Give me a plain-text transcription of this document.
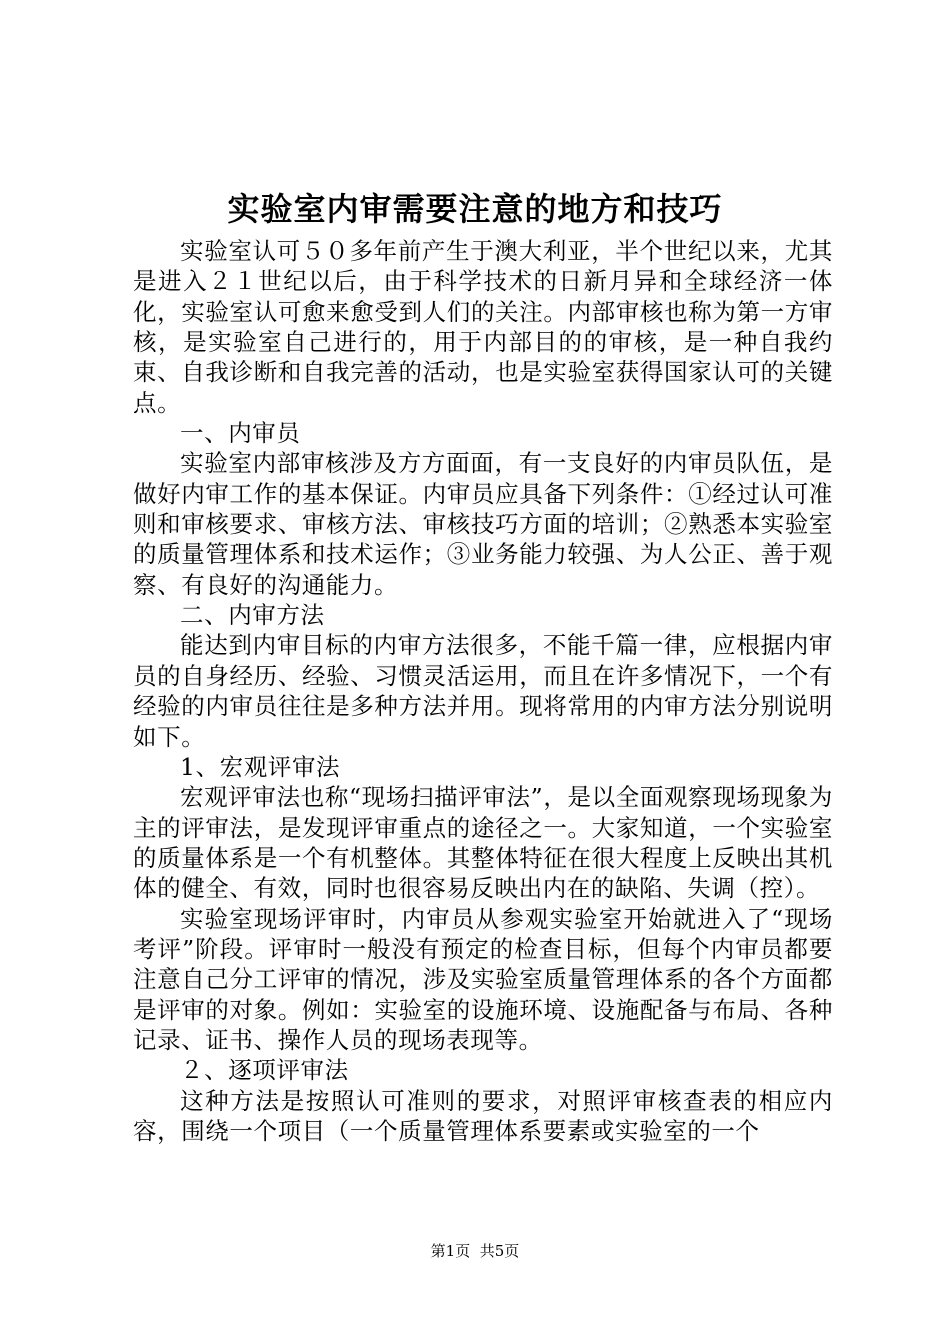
实验室内审需要注意的地方和技巧

实验室认可５０多年前产生于澳大利亚，半个世纪以来，尤其是进入２１世纪以后，由于科学技术的日新月异和全球经济一体化，实验室认可愈来愈受到人们的关注。内部审核也称为第一方审核，是实验室自己进行的，用于内部目的的审核，是一种自我约束、自我诊断和自我完善的活动，也是实验室获得国家认可的关键点。

一、内审员

实验室内部审核涉及方方面面，有一支良好的内审员队伍，是做好内审工作的基本保证。内审员应具备下列条件：①经过认可准则和审核要求、审核方法、审核技巧方面的培训；②熟悉本实验室的质量管理体系和技术运作；③业务能力较强、为人公正、善于观察、有良好的沟通能力。

二、内审方法

能达到内审目标的内审方法很多，不能千篇一律，应根据内审员的自身经历、经验、习惯灵活运用，而且在许多情况下，一个有经验的内审员往往是多种方法并用。现将常用的内审方法分别说明如下。

1、宏观评审法

宏观评审法也称“现场扫描评审法”，是以全面观察现场现象为主的评审法，是发现评审重点的途径之一。大家知道，一个实验室的质量体系是一个有机整体。其整体特征在很大程度上反映出其机体的健全、有效，同时也很容易反映出内在的缺陷、失调（控）。

实验室现场评审时，内审员从参观实验室开始就进入了“现场考评”阶段。评审时一般没有预定的检查目标，但每个内审员都要注意自己分工评审的情况，涉及实验室质量管理体系的各个方面都是评审的对象。例如：实验室的设施环境、设施配备与布局、各种记录、证书、操作人员的现场表现等。

２、逐项评审法

这种方法是按照认可准则的要求，对照评审核查表的相应内容，围绕一个项目（一个质量管理体系要素或实验室的一个

第1页 共5页
